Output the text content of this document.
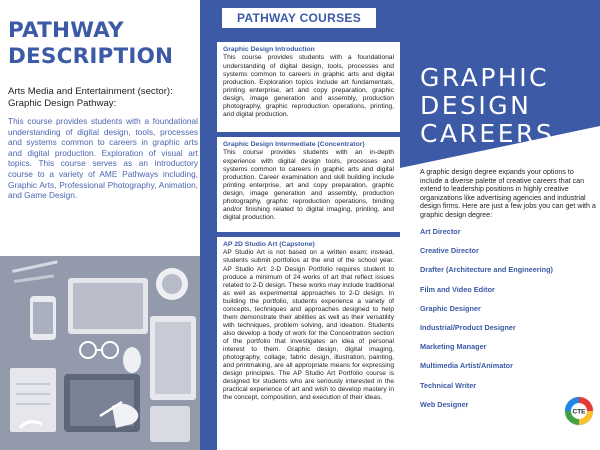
PATHWAY
DESCRIPTION

Arts Media and Entertainment (sector): Graphic Design Pathway:

This course provides students with a foundational understanding of digital design, tools, processes and systems common to careers in graphic arts and digital production. Exploration of visual art topics. This course serves as an introductory course to a variety of AME Pathways including, Graphic Arts, Professional Photography, Animation, and Game Design.

PATHWAY COURSES
Graphic Design Introduction
This course provides students with a foundational understanding of digital design, tools, processes and systems common to careers in graphic arts and digital production. Exploration topics include art fundamentals, printing enterprise, art and copy preparation, graphic design, image generation and assembly, production photography, graphic reproduction operations, printing, and digital production.
Graphic Design Intermediate (Concentrator)
This course provides students with an in-depth experience with digital design tools, processes and systems common to careers in graphic arts and digital production. Career examination and skill building include printing enterprise, art and copy preparation, graphic design, image generation and assembly, production photography, graphic reproduction operations, binding and/or finishing related to digital imaging, printing, and digital production.
AP 2D Studio Art (Capstone)
AP Studio Art is not based on a written exam; instead, students submit portfolios at the end of the school year. AP Studio Art: 2-D Design Portfolio requires student to produce a minimum of 24 works of art that reflect issues related to 2-D design. These works may include traditional as well as experimental approaches to 2-D design. In building the portfolio, students experience a variety of concepts, techniques and approaches designed to help them demonstrate their abilities as well as their versatility with techniques, problem solving, and ideation. Students also develop a body of work for the Concentration section of the portfolio that investigates an idea of personal interest to them. Graphic design, digital imaging, photography, collage, fabric design, illustration, painting, and printmaking, are all appropriate means for expressing design principles. The AP Studio Art Portfolio course is designed for students who are seriously interested in the practical experience of art and wish to develop mastery in the concept, composition, and execution of their ideas.
GRAPHIC
DESIGN
CAREERS

A graphic design degree expands your options to include a diverse palette of creative careers that can extend to leadership positions in highly creative organizations like advertising agencies and industrial design firms. Here are just a few jobs you can get with a graphic design degree:

Art Director
Creative Director
Drafter (Architecture and Engineering)
Film and Video Editor
Graphic Designer
Industrial/Product Designer
Marketing Manager
Multimedia Artist/Animator
Technical Writer
Web Designer
CTE
